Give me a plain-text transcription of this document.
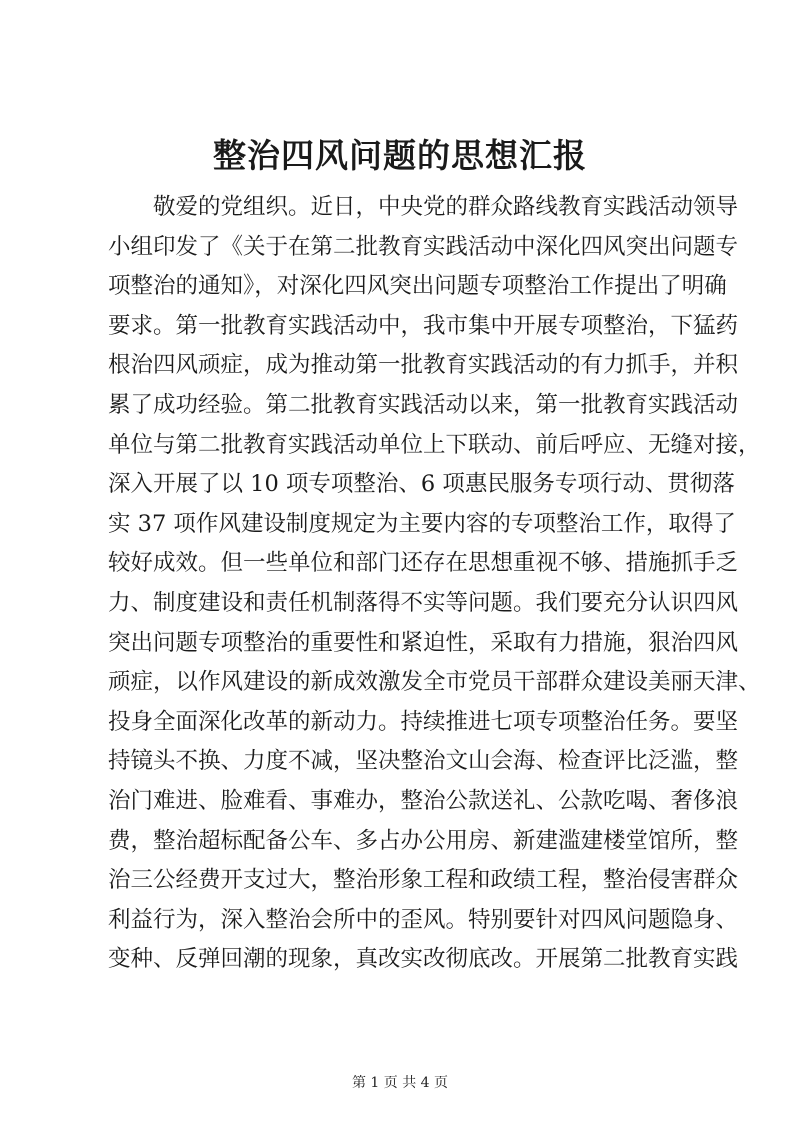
整治四风问题的思想汇报
敬爱的党组织。近日，中央党的群众路线教育实践活动领导
小组印发了《关于在第二批教育实践活动中深化四风突出问题专
项整治的通知》，对深化四风突出问题专项整治工作提出了明确
要求。第一批教育实践活动中，我市集中开展专项整治，下猛药
根治四风顽症，成为推动第一批教育实践活动的有力抓手，并积
累了成功经验。第二批教育实践活动以来，第一批教育实践活动
单位与第二批教育实践活动单位上下联动、前后呼应、无缝对接，
深入开展了以 10 项专项整治、6 项惠民服务专项行动、贯彻落
实 37 项作风建设制度规定为主要内容的专项整治工作，取得了
较好成效。但一些单位和部门还存在思想重视不够、措施抓手乏
力、制度建设和责任机制落得不实等问题。我们要充分认识四风
突出问题专项整治的重要性和紧迫性，采取有力措施，狠治四风
顽症，以作风建设的新成效激发全市党员干部群众建设美丽天津、
投身全面深化改革的新动力。持续推进七项专项整治任务。要坚
持镜头不换、力度不减，坚决整治文山会海、检查评比泛滥，整
治门难进、脸难看、事难办，整治公款送礼、公款吃喝、奢侈浪
费，整治超标配备公车、多占办公用房、新建滥建楼堂馆所，整
治三公经费开支过大，整治形象工程和政绩工程，整治侵害群众
利益行为，深入整治会所中的歪风。特别要针对四风问题隐身、
变种、反弹回潮的现象，真改实改彻底改。开展第二批教育实践
第 1 页 共 4 页
